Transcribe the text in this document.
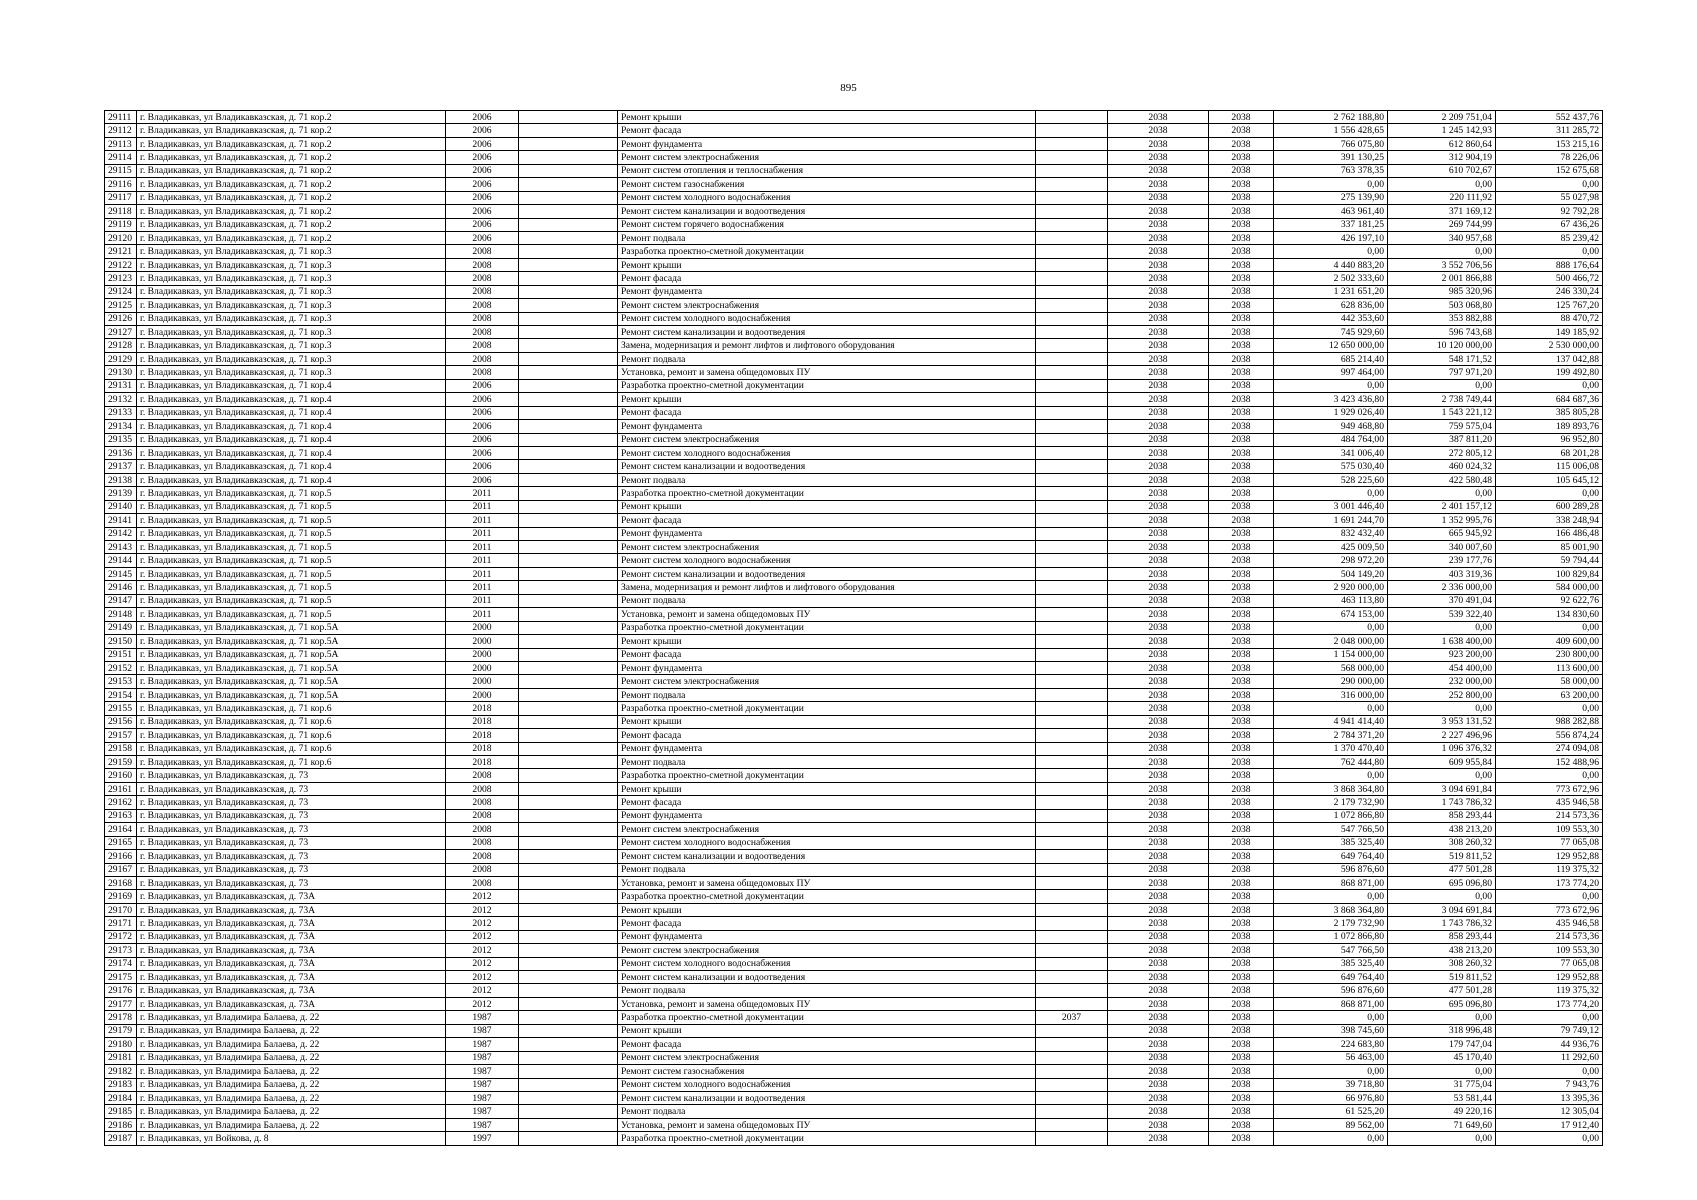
895
29111	г. Владикавказ, ул Владикавказская, д. 71 кор.2	2006		Ремонт крыши		2038	2038	2 762 188,80	2 209 751,04	552 437,76
29112	г. Владикавказ, ул Владикавказская, д. 71 кор.2	2006		Ремонт фасада		2038	2038	1 556 428,65	1 245 142,93	311 285,72
29113	г. Владикавказ, ул Владикавказская, д. 71 кор.2	2006		Ремонт фундамента		2038	2038	766 075,80	612 860,64	153 215,16
29114	г. Владикавказ, ул Владикавказская, д. 71 кор.2	2006		Ремонт систем электроснабжения		2038	2038	391 130,25	312 904,19	78 226,06
29115	г. Владикавказ, ул Владикавказская, д. 71 кор.2	2006		Ремонт систем отопления и теплоснабжения		2038	2038	763 378,35	610 702,67	152 675,68
29116	г. Владикавказ, ул Владикавказская, д. 71 кор.2	2006		Ремонт систем газоснабжения		2038	2038	0,00	0,00	0,00
29117	г. Владикавказ, ул Владикавказская, д. 71 кор.2	2006		Ремонт систем холодного водоснабжения		2038	2038	275 139,90	220 111,92	55 027,98
29118	г. Владикавказ, ул Владикавказская, д. 71 кор.2	2006		Ремонт систем канализации и водоотведения		2038	2038	463 961,40	371 169,12	92 792,28
29119	г. Владикавказ, ул Владикавказская, д. 71 кор.2	2006		Ремонт систем горячего водоснабжения		2038	2038	337 181,25	269 744,99	67 436,26
29120	г. Владикавказ, ул Владикавказская, д. 71 кор.2	2006		Ремонт подвала		2038	2038	426 197,10	340 957,68	85 239,42
29121	г. Владикавказ, ул Владикавказская, д. 71 кор.3	2008		Разработка проектно-сметной документации		2038	2038	0,00	0,00	0,00
29122	г. Владикавказ, ул Владикавказская, д. 71 кор.3	2008		Ремонт крыши		2038	2038	4 440 883,20	3 552 706,56	888 176,64
29123	г. Владикавказ, ул Владикавказская, д. 71 кор.3	2008		Ремонт фасада		2038	2038	2 502 333,60	2 001 866,88	500 466,72
29124	г. Владикавказ, ул Владикавказская, д. 71 кор.3	2008		Ремонт фундамента		2038	2038	1 231 651,20	985 320,96	246 330,24
29125	г. Владикавказ, ул Владикавказская, д. 71 кор.3	2008		Ремонт систем электроснабжения		2038	2038	628 836,00	503 068,80	125 767,20
29126	г. Владикавказ, ул Владикавказская, д. 71 кор.3	2008		Ремонт систем холодного водоснабжения		2038	2038	442 353,60	353 882,88	88 470,72
29127	г. Владикавказ, ул Владикавказская, д. 71 кор.3	2008		Ремонт систем канализации и водоотведения		2038	2038	745 929,60	596 743,68	149 185,92
29128	г. Владикавказ, ул Владикавказская, д. 71 кор.3	2008		Замена, модернизация и ремонт лифтов и лифтового оборудования		2038	2038	12 650 000,00	10 120 000,00	2 530 000,00
29129	г. Владикавказ, ул Владикавказская, д. 71 кор.3	2008		Ремонт подвала		2038	2038	685 214,40	548 171,52	137 042,88
29130	г. Владикавказ, ул Владикавказская, д. 71 кор.3	2008		Установка, ремонт и замена общедомовых ПУ		2038	2038	997 464,00	797 971,20	199 492,80
29131	г. Владикавказ, ул Владикавказская, д. 71 кор.4	2006		Разработка проектно-сметной документации		2038	2038	0,00	0,00	0,00
29132	г. Владикавказ, ул Владикавказская, д. 71 кор.4	2006		Ремонт крыши		2038	2038	3 423 436,80	2 738 749,44	684 687,36
29133	г. Владикавказ, ул Владикавказская, д. 71 кор.4	2006		Ремонт фасада		2038	2038	1 929 026,40	1 543 221,12	385 805,28
29134	г. Владикавказ, ул Владикавказская, д. 71 кор.4	2006		Ремонт фундамента		2038	2038	949 468,80	759 575,04	189 893,76
29135	г. Владикавказ, ул Владикавказская, д. 71 кор.4	2006		Ремонт систем электроснабжения		2038	2038	484 764,00	387 811,20	96 952,80
29136	г. Владикавказ, ул Владикавказская, д. 71 кор.4	2006		Ремонт систем холодного водоснабжения		2038	2038	341 006,40	272 805,12	68 201,28
29137	г. Владикавказ, ул Владикавказская, д. 71 кор.4	2006		Ремонт систем канализации и водоотведения		2038	2038	575 030,40	460 024,32	115 006,08
29138	г. Владикавказ, ул Владикавказская, д. 71 кор.4	2006		Ремонт подвала		2038	2038	528 225,60	422 580,48	105 645,12
29139	г. Владикавказ, ул Владикавказская, д. 71 кор.5	2011		Разработка проектно-сметной документации		2038	2038	0,00	0,00	0,00
29140	г. Владикавказ, ул Владикавказская, д. 71 кор.5	2011		Ремонт крыши		2038	2038	3 001 446,40	2 401 157,12	600 289,28
29141	г. Владикавказ, ул Владикавказская, д. 71 кор.5	2011		Ремонт фасада		2038	2038	1 691 244,70	1 352 995,76	338 248,94
29142	г. Владикавказ, ул Владикавказская, д. 71 кор.5	2011		Ремонт фундамента		2038	2038	832 432,40	665 945,92	166 486,48
29143	г. Владикавказ, ул Владикавказская, д. 71 кор.5	2011		Ремонт систем электроснабжения		2038	2038	425 009,50	340 007,60	85 001,90
29144	г. Владикавказ, ул Владикавказская, д. 71 кор.5	2011		Ремонт систем холодного водоснабжения		2038	2038	298 972,20	239 177,76	59 794,44
29145	г. Владикавказ, ул Владикавказская, д. 71 кор.5	2011		Ремонт систем канализации и водоотведения		2038	2038	504 149,20	403 319,36	100 829,84
29146	г. Владикавказ, ул Владикавказская, д. 71 кор.5	2011		Замена, модернизация и ремонт лифтов и лифтового оборудования		2038	2038	2 920 000,00	2 336 000,00	584 000,00
29147	г. Владикавказ, ул Владикавказская, д. 71 кор.5	2011		Ремонт подвала		2038	2038	463 113,80	370 491,04	92 622,76
29148	г. Владикавказ, ул Владикавказская, д. 71 кор.5	2011		Установка, ремонт и замена общедомовых ПУ		2038	2038	674 153,00	539 322,40	134 830,60
29149	г. Владикавказ, ул Владикавказская, д. 71 кор.5А	2000		Разработка проектно-сметной документации		2038	2038	0,00	0,00	0,00
29150	г. Владикавказ, ул Владикавказская, д. 71 кор.5А	2000		Ремонт крыши		2038	2038	2 048 000,00	1 638 400,00	409 600,00
29151	г. Владикавказ, ул Владикавказская, д. 71 кор.5А	2000		Ремонт фасада		2038	2038	1 154 000,00	923 200,00	230 800,00
29152	г. Владикавказ, ул Владикавказская, д. 71 кор.5А	2000		Ремонт фундамента		2038	2038	568 000,00	454 400,00	113 600,00
29153	г. Владикавказ, ул Владикавказская, д. 71 кор.5А	2000		Ремонт систем электроснабжения		2038	2038	290 000,00	232 000,00	58 000,00
29154	г. Владикавказ, ул Владикавказская, д. 71 кор.5А	2000		Ремонт подвала		2038	2038	316 000,00	252 800,00	63 200,00
29155	г. Владикавказ, ул Владикавказская, д. 71 кор.6	2018		Разработка проектно-сметной документации		2038	2038	0,00	0,00	0,00
29156	г. Владикавказ, ул Владикавказская, д. 71 кор.6	2018		Ремонт крыши		2038	2038	4 941 414,40	3 953 131,52	988 282,88
29157	г. Владикавказ, ул Владикавказская, д. 71 кор.6	2018		Ремонт фасада		2038	2038	2 784 371,20	2 227 496,96	556 874,24
29158	г. Владикавказ, ул Владикавказская, д. 71 кор.6	2018		Ремонт фундамента		2038	2038	1 370 470,40	1 096 376,32	274 094,08
29159	г. Владикавказ, ул Владикавказская, д. 71 кор.6	2018		Ремонт подвала		2038	2038	762 444,80	609 955,84	152 488,96
29160	г. Владикавказ, ул Владикавказская, д. 73	2008		Разработка проектно-сметной документации		2038	2038	0,00	0,00	0,00
29161	г. Владикавказ, ул Владикавказская, д. 73	2008		Ремонт крыши		2038	2038	3 868 364,80	3 094 691,84	773 672,96
29162	г. Владикавказ, ул Владикавказская, д. 73	2008		Ремонт фасада		2038	2038	2 179 732,90	1 743 786,32	435 946,58
29163	г. Владикавказ, ул Владикавказская, д. 73	2008		Ремонт фундамента		2038	2038	1 072 866,80	858 293,44	214 573,36
29164	г. Владикавказ, ул Владикавказская, д. 73	2008		Ремонт систем электроснабжения		2038	2038	547 766,50	438 213,20	109 553,30
29165	г. Владикавказ, ул Владикавказская, д. 73	2008		Ремонт систем холодного водоснабжения		2038	2038	385 325,40	308 260,32	77 065,08
29166	г. Владикавказ, ул Владикавказская, д. 73	2008		Ремонт систем канализации и водоотведения		2038	2038	649 764,40	519 811,52	129 952,88
29167	г. Владикавказ, ул Владикавказская, д. 73	2008		Ремонт подвала		2038	2038	596 876,60	477 501,28	119 375,32
29168	г. Владикавказ, ул Владикавказская, д. 73	2008		Установка, ремонт и замена общедомовых ПУ		2038	2038	868 871,00	695 096,80	173 774,20
29169	г. Владикавказ, ул Владикавказская, д. 73А	2012		Разработка проектно-сметной документации		2038	2038	0,00	0,00	0,00
29170	г. Владикавказ, ул Владикавказская, д. 73А	2012		Ремонт крыши		2038	2038	3 868 364,80	3 094 691,84	773 672,96
29171	г. Владикавказ, ул Владикавказская, д. 73А	2012		Ремонт фасада		2038	2038	2 179 732,90	1 743 786,32	435 946,58
29172	г. Владикавказ, ул Владикавказская, д. 73А	2012		Ремонт фундамента		2038	2038	1 072 866,80	858 293,44	214 573,36
29173	г. Владикавказ, ул Владикавказская, д. 73А	2012		Ремонт систем электроснабжения		2038	2038	547 766,50	438 213,20	109 553,30
29174	г. Владикавказ, ул Владикавказская, д. 73А	2012		Ремонт систем холодного водоснабжения		2038	2038	385 325,40	308 260,32	77 065,08
29175	г. Владикавказ, ул Владикавказская, д. 73А	2012		Ремонт систем канализации и водоотведения		2038	2038	649 764,40	519 811,52	129 952,88
29176	г. Владикавказ, ул Владикавказская, д. 73А	2012		Ремонт подвала		2038	2038	596 876,60	477 501,28	119 375,32
29177	г. Владикавказ, ул Владикавказская, д. 73А	2012		Установка, ремонт и замена общедомовых ПУ		2038	2038	868 871,00	695 096,80	173 774,20
29178	г. Владикавказ, ул Владимира Балаева, д. 22	1987		Разработка проектно-сметной документации	2037	2038	2038	0,00	0,00	0,00
29179	г. Владикавказ, ул Владимира Балаева, д. 22	1987		Ремонт крыши		2038	2038	398 745,60	318 996,48	79 749,12
29180	г. Владикавказ, ул Владимира Балаева, д. 22	1987		Ремонт фасада		2038	2038	224 683,80	179 747,04	44 936,76
29181	г. Владикавказ, ул Владимира Балаева, д. 22	1987		Ремонт систем электроснабжения		2038	2038	56 463,00	45 170,40	11 292,60
29182	г. Владикавказ, ул Владимира Балаева, д. 22	1987		Ремонт систем газоснабжения		2038	2038	0,00	0,00	0,00
29183	г. Владикавказ, ул Владимира Балаева, д. 22	1987		Ремонт систем холодного водоснабжения		2038	2038	39 718,80	31 775,04	7 943,76
29184	г. Владикавказ, ул Владимира Балаева, д. 22	1987		Ремонт систем канализации и водоотведения		2038	2038	66 976,80	53 581,44	13 395,36
29185	г. Владикавказ, ул Владимира Балаева, д. 22	1987		Ремонт подвала		2038	2038	61 525,20	49 220,16	12 305,04
29186	г. Владикавказ, ул Владимира Балаева, д. 22	1987		Установка, ремонт и замена общедомовых ПУ		2038	2038	89 562,00	71 649,60	17 912,40
29187	г. Владикавказ, ул Войкова, д. 8	1997		Разработка проектно-сметной документации		2038	2038	0,00	0,00	0,00
